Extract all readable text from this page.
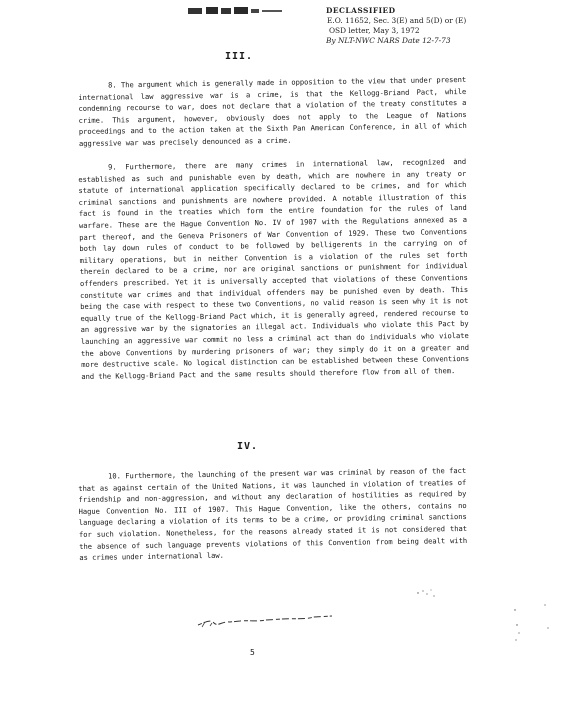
DECLASSIFIED
E.O. 11652, Sec. 3(E) and 5(D) or (E)
OSD letter, May 3, 1972
By NLT-NWC NARS Date 12-7-73
III.

8. The argument which is generally made in opposition to the view that under present international law aggressive war is a crime, is that the Kellogg-Briand Pact, while condemning recourse to war, does not declare that a violation of the treaty constitutes a crime. This argument, however, obviously does not apply to the League of Nations proceedings and to the action taken at the Sixth Pan American Conference, in all of which aggressive war was precisely denounced as a crime.

9. Furthermore, there are many crimes in international law, recognized and established as such and punishable even by death, which are nowhere in any treaty or statute of international application specifically declared to be crimes, and for which criminal sanctions and punishments are nowhere provided. A notable illustration of this fact is found in the treaties which form the entire foundation for the rules of land warfare. These are the Hague Convention No. IV of 1907 with the Regulations annexed as a part thereof, and the Geneva Prisoners of War Convention of 1929. These two Conventions both lay down rules of conduct to be followed by belligerents in the carrying on of military operations, but in neither Convention is a violation of the rules set forth therein declared to be a crime, nor are original sanctions or punishment for individual offenders prescribed. Yet it is universally accepted that violations of these Conventions constitute war crimes and that individual offenders may be punished even by death. This being the case with respect to these two Conventions, no valid reason is seen why it is not equally true of the Kellogg-Briand Pact which, it is generally agreed, rendered recourse to an aggressive war by the signatories an illegal act. Individuals who violate this Pact by launching an aggressive war commit no less a criminal act than do individuals who violate the above Conventions by murdering prisoners of war; they simply do it on a greater and more destructive scale. No logical distinction can be established between these Conventions and the Kellogg-Briand Pact and the same results should therefore flow from all of them.

IV.

10. Furthermore, the launching of the present war was criminal by reason of the fact that as against certain of the United Nations, it was launched in violation of treaties of friendship and non-aggression, and without any declaration of hostilities as required by Hague Convention No. III of 1907. This Hague Convention, like the others, contains no language declaring a violation of its terms to be a crime, or providing criminal sanctions for such violation. Nonetheless, for the reasons already stated it is not considered that the absence of such language prevents violations of this Convention from being dealt with as crimes under international law.

5
